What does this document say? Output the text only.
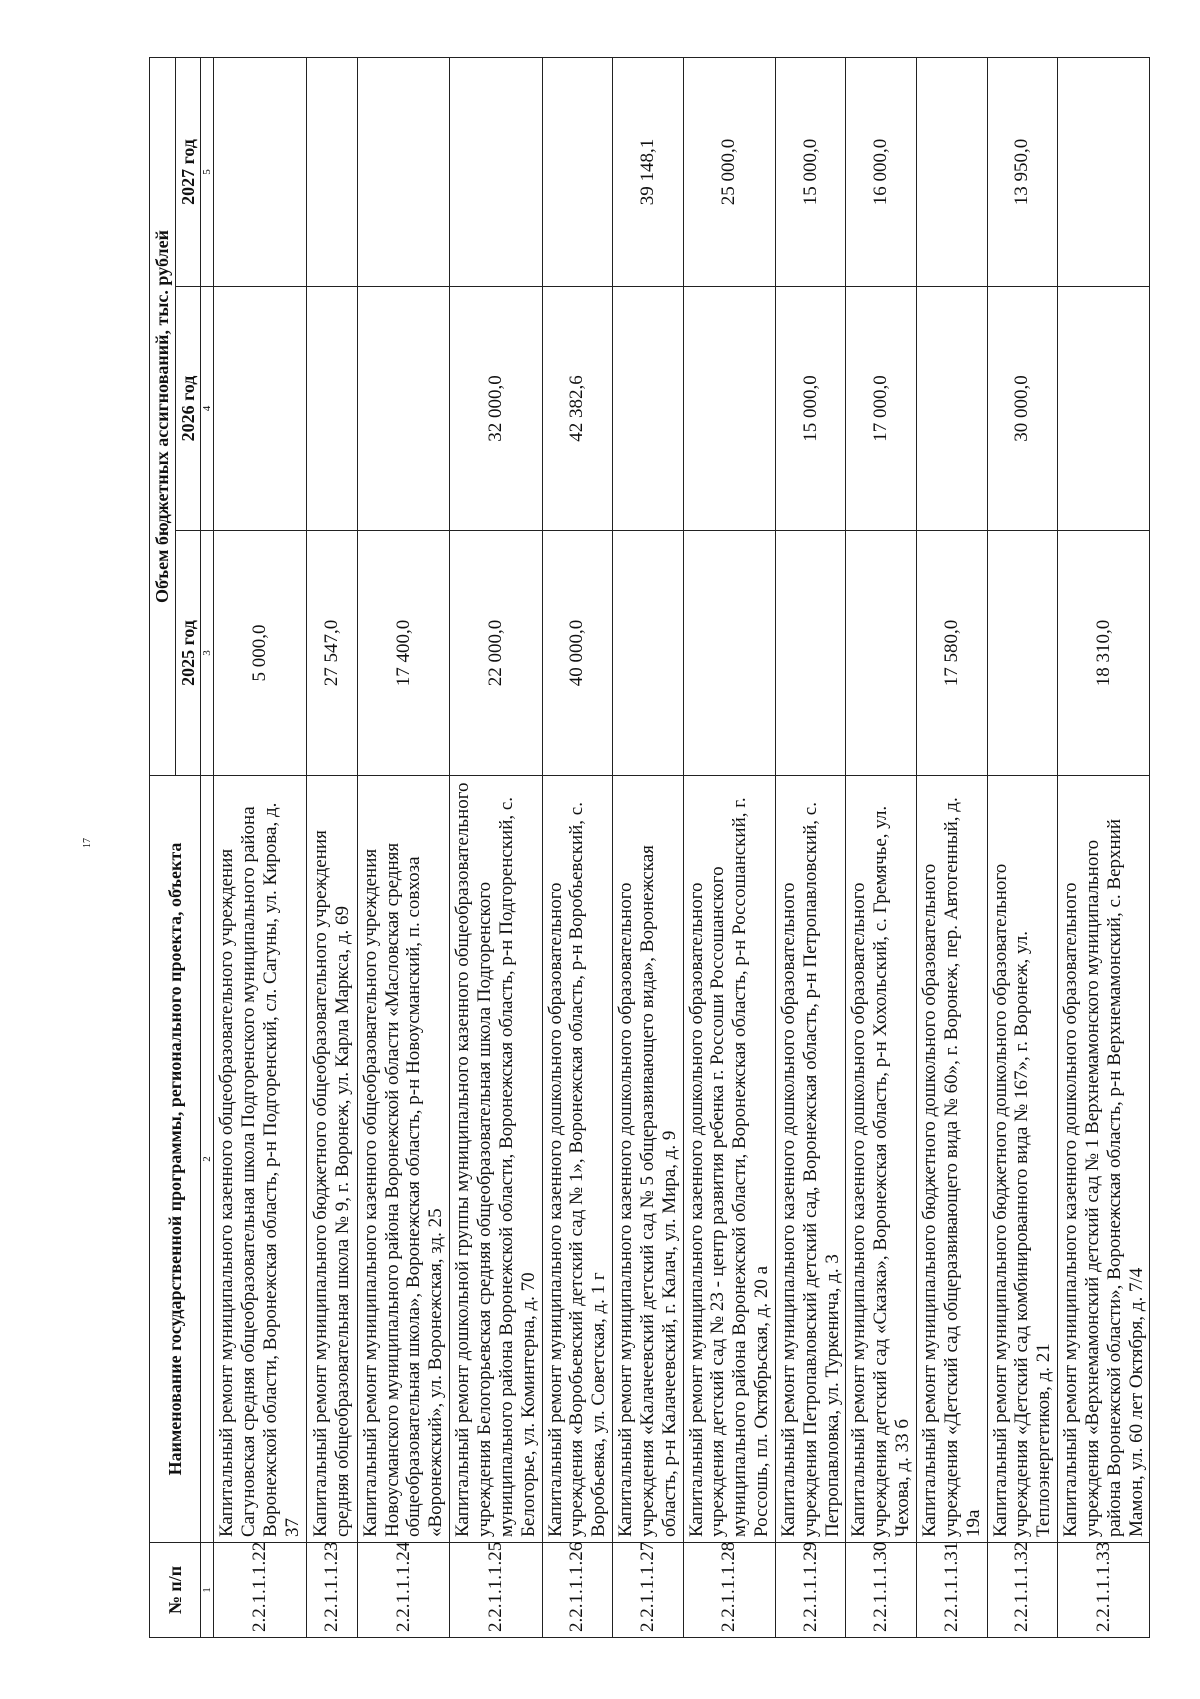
17
№ п/п	Наименование государственной программы, регионального проекта, объекта	Объем бюджетных ассигнований, тыс. рублей		
		2025 год	2026 год	2027 год
1	2	3	4	5
2.2.1.1.1.22	Капитальный ремонт муниципального казенного общеобразовательного учреждения Сагуновская средняя общеобразовательная школа Подгоренского муниципального района Воронежской области, Воронежская область, р-н Подгоренский, сл. Сагуны, ул. Кирова, д. 37	5 000,0		
2.2.1.1.1.23	Капитальный ремонт муниципального бюджетного общеобразовательного учреждения средняя общеобразовательная школа № 9, г. Воронеж, ул. Карла Маркса, д. 69	27 547,0		
2.2.1.1.1.24	Капитальный ремонт муниципального казенного общеобразовательного учреждения Новоусманского муниципального района Воронежской области «Масловская средняя общеобразовательная школа», Воронежская область, р-н Новоусманский, п. совхоза «Воронежский», ул. Воронежская, зд. 25	17 400,0		
2.2.1.1.1.25	Капитальный ремонт дошкольной группы муниципального казенного общеобразовательного учреждения Белогорьевская средняя общеобразовательная школа Подгоренского муниципального района Воронежской области, Воронежская область, р-н Подгоренский, с. Белогорье, ул. Коминтерна, д. 70	22 000,0	32 000,0	
2.2.1.1.1.26	Капитальный ремонт муниципального казенного дошкольного образовательного учреждения «Воробьевский детский сад № 1», Воронежская область, р-н Воробьевский, с. Воробьевка, ул. Советская, д. 1 г	40 000,0	42 382,6	
2.2.1.1.1.27	Капитальный ремонт муниципального казенного дошкольного образовательного учреждения «Калачеевский детский сад № 5 общеразвивающего вида», Воронежская область, р-н Калачеевский, г. Калач, ул. Мира, д. 9			39 148,1
2.2.1.1.1.28	Капитальный ремонт муниципального казенного дошкольного образовательного учреждения детский сад № 23 - центр развития ребенка г. Россоши Россошанского муниципального района Воронежской области, Воронежская область, р-н Россошанский, г. Россошь, пл. Октябрьская, д. 20 а			25 000,0
2.2.1.1.1.29	Капитальный ремонт муниципального казенного дошкольного образовательного учреждения Петропавловский детский сад, Воронежская область, р-н Петропавловский, с. Петропавловка, ул. Туркенича, д. 3		15 000,0	15 000,0
2.2.1.1.1.30	Капитальный ремонт муниципального казенного дошкольного образовательного учреждения детский сад «Сказка», Воронежская область, р-н Хохольский, с. Гремячье, ул. Чехова, д. 33 б		17 000,0	16 000,0
2.2.1.1.1.31	Капитальный ремонт муниципального бюджетного дошкольного образовательного учреждения «Детский сад общеразвивающего вида № 60», г. Воронеж, пер. Автогенный, д. 19а	17 580,0		
2.2.1.1.1.32	Капитальный ремонт муниципального бюджетного дошкольного образовательного учреждения «Детский сад комбинированного вида № 167», г. Воронеж, ул. Теплоэнергетиков, д. 21		30 000,0	13 950,0
2.2.1.1.1.33	Капитальный ремонт муниципального казенного дошкольного образовательного учреждения «Верхнемамонский детский сад № 1 Верхнемамонского муниципального района Воронежской области», Воронежская область, р-н Верхнемамонский, с. Верхний Мамон, ул. 60 лет Октября, д. 7/4	18 310,0		
